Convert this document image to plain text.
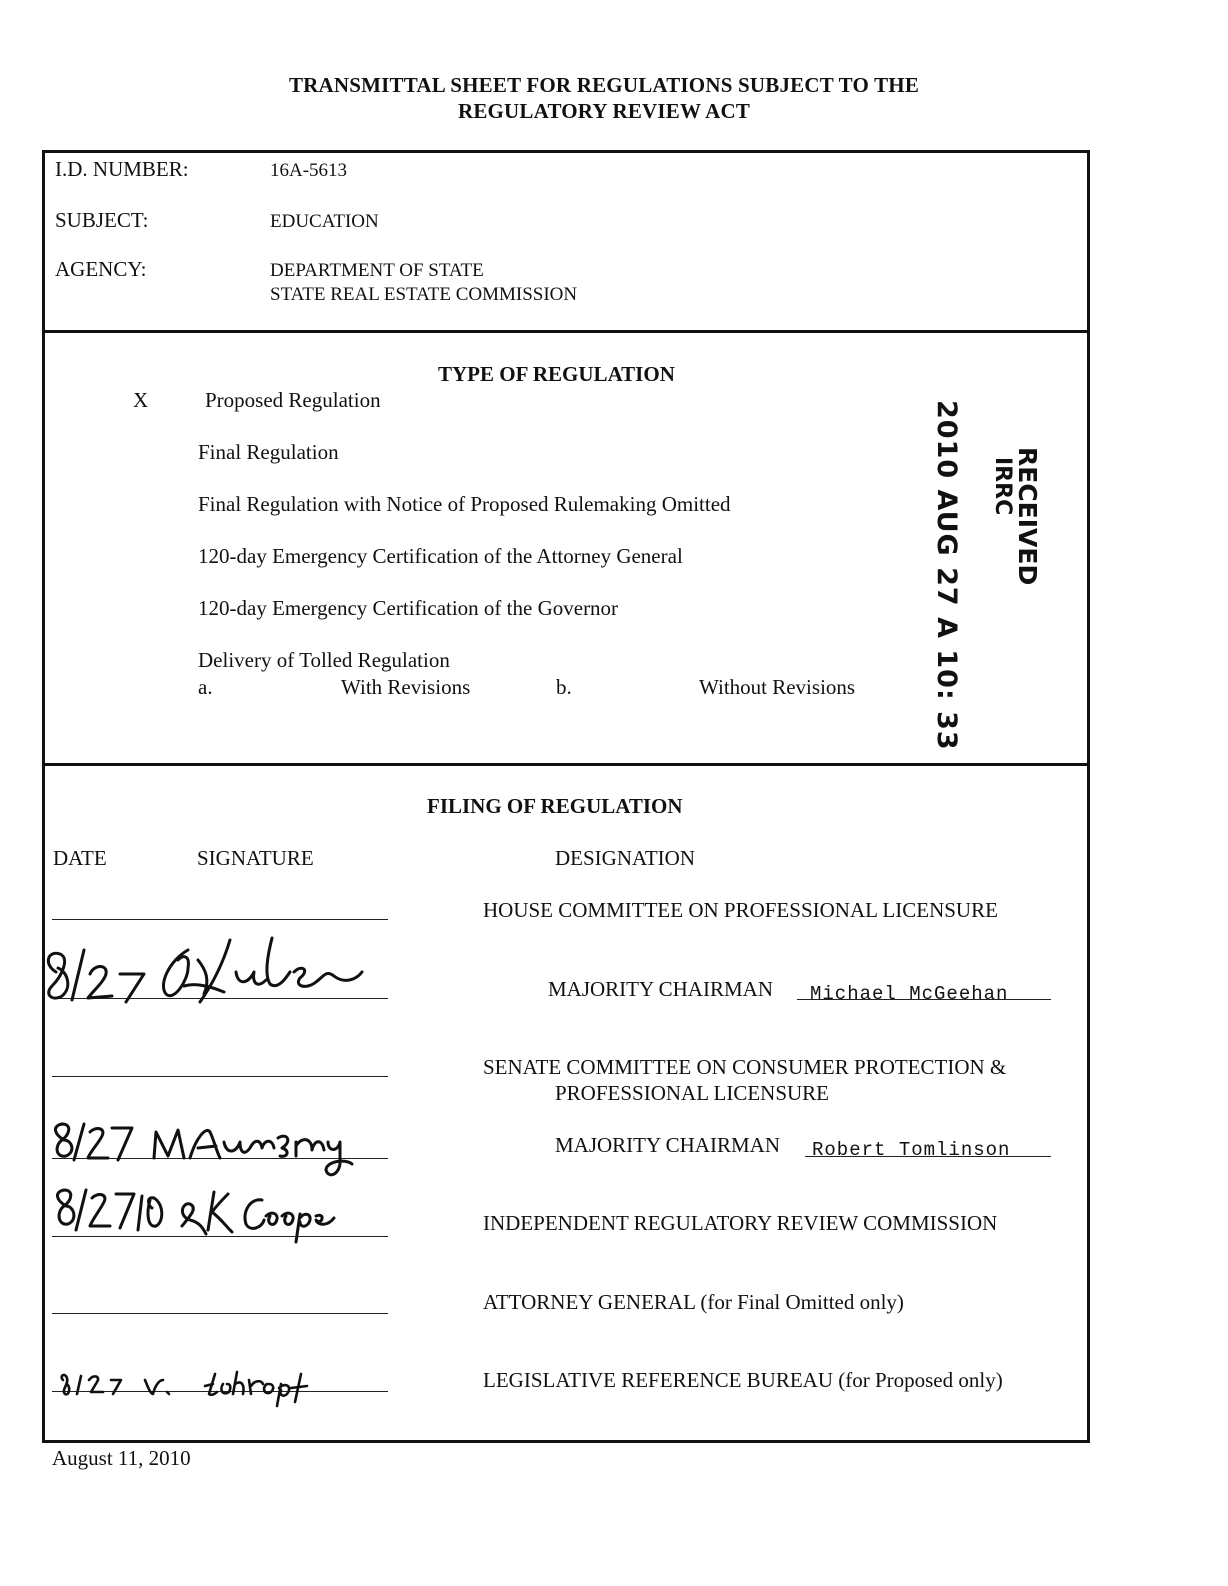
TRANSMITTAL SHEET FOR REGULATIONS SUBJECT TO THE
REGULATORY REVIEW ACT
I.D. NUMBER:	16A-5613
SUBJECT:	EDUCATION
AGENCY:	DEPARTMENT OF STATE
STATE REAL ESTATE COMMISSION
TYPE OF REGULATION
X	Proposed Regulation
Final Regulation
Final Regulation with Notice of Proposed Rulemaking Omitted
120-day Emergency Certification of the Attorney General
120-day Emergency Certification of the Governor
Delivery of Tolled Regulation
a.	With Revisions	b.	Without Revisions	2010 AUG 27 A 10: 33 RECEIVED
IRRC
FILING OF REGULATION
DATE	SIGNATURE	DESIGNATION
HOUSE COMMITTEE ON PROFESSIONAL LICENSURE
MAJORITY CHAIRMAN Michael McGeehan
SENATE COMMITTEE ON CONSUMER PROTECTION &
PROFESSIONAL LICENSURE
MAJORITY CHAIRMAN Robert Tomlinson
INDEPENDENT REGULATORY REVIEW COMMISSION
ATTORNEY GENERAL (for Final Omitted only)
LEGISLATIVE REFERENCE BUREAU (for Proposed only)
August 11, 2010
